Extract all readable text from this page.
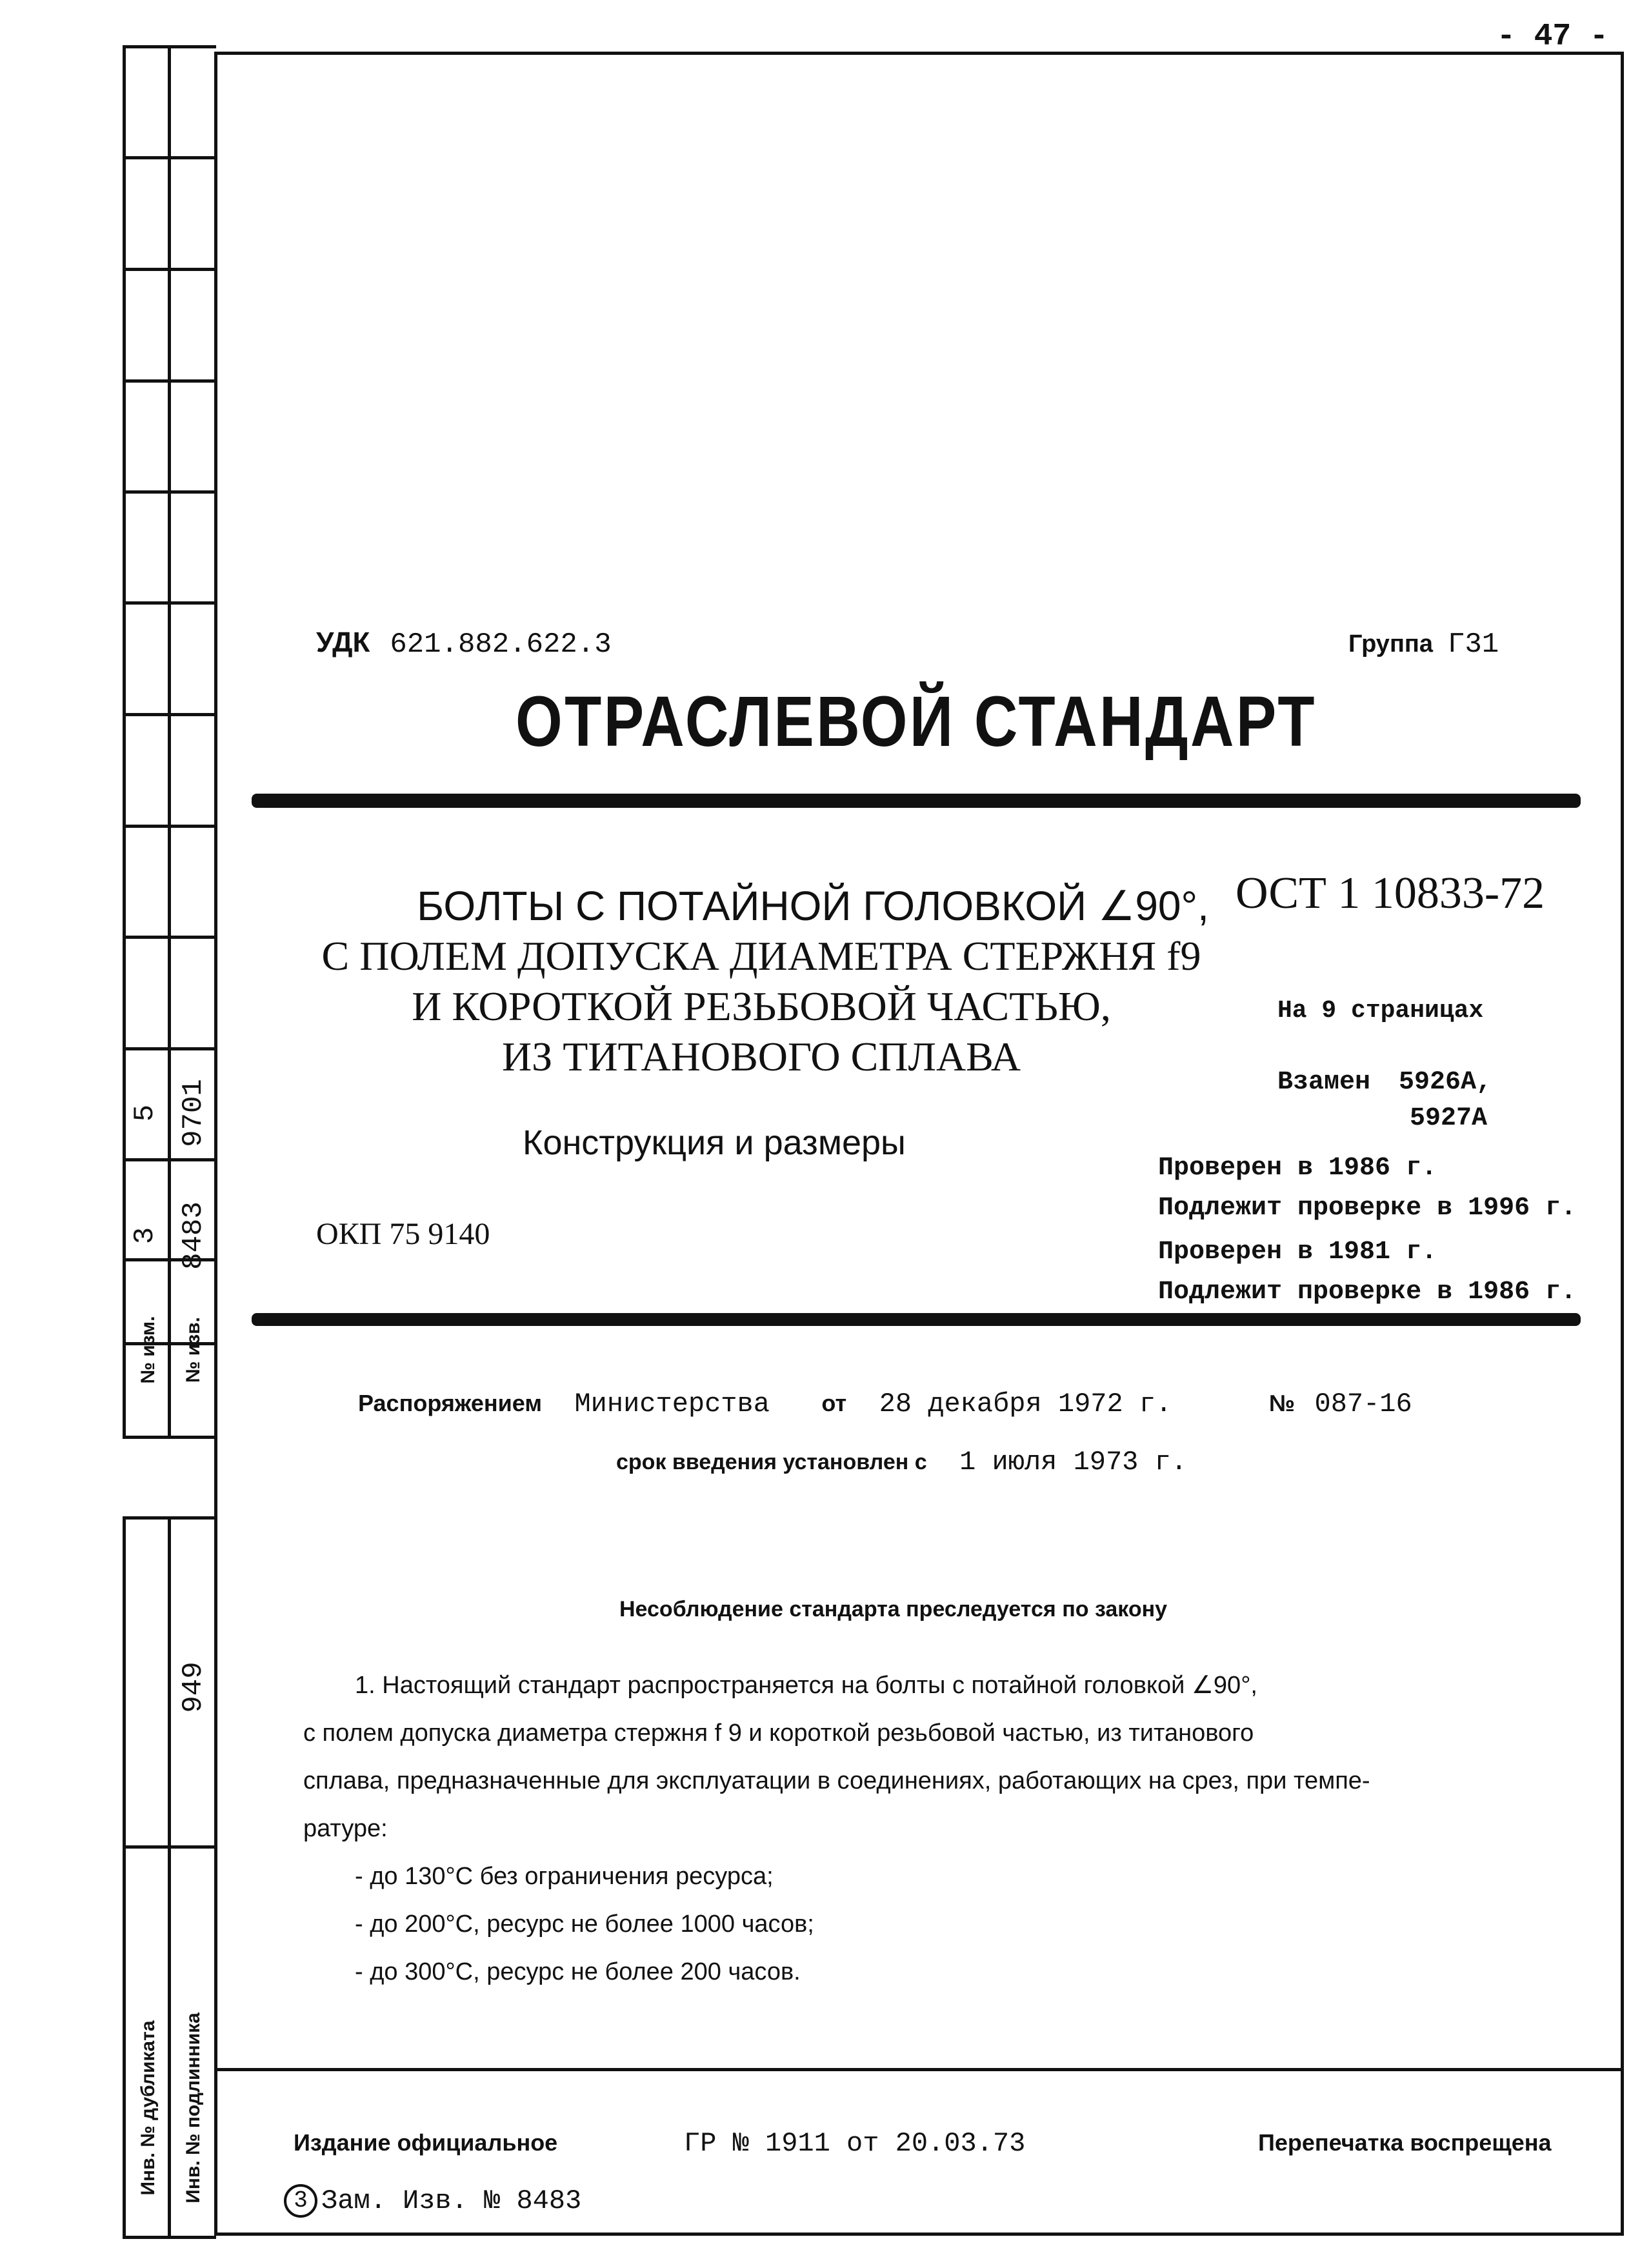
- 47 -
5 9701
3 8483
№ изм. № изв.
949
Инв. № дубликата Инв. № подлинника
УДК 621.882.622.3	Группа Г31
ОТРАСЛЕВОЙ СТАНДАРТ
БОЛТЫ С ПОТАЙНОЙ ГОЛОВКОЙ ∠90°,
С ПОЛЕМ ДОПУСКА ДИАМЕТРА СТЕРЖНЯ f9
И КОРОТКОЙ РЕЗЬБОВОЙ ЧАСТЬЮ,
ИЗ ТИТАНОВОГО СПЛАВА
Конструкция и размеры
ОКП 75 9140
ОСТ 1 10833-72
На 9 страницах
Взамен 5926А,
5927А
Проверен в 1986 г.
Подлежит проверке в 1996 г.
Проверен в 1981 г.
Подлежит проверке в 1986 г.
Распоряжением Министерства от 28 декабря 1972 г.	№ 087-16
срок введения установлен с 1 июля 1973 г.
Несоблюдение стандарта преследуется по закону
1. Настоящий стандарт распространяется на болты с потайной головкой ∠90°,
с полем допуска диаметра стержня f 9 и короткой резьбовой частью, из титанового
сплава, предназначенные для эксплуатации в соединениях, работающих на срез, при темпе-
ратуре:
- до 130°С без ограничения ресурса;
- до 200°С, ресурс не более 1000 часов;
- до 300°С, ресурс не более 200 часов.
Издание официальное	ГР № 1911 от 20.03.73	Перепечатка воспрещена
3 Зам. Изв. № 8483
